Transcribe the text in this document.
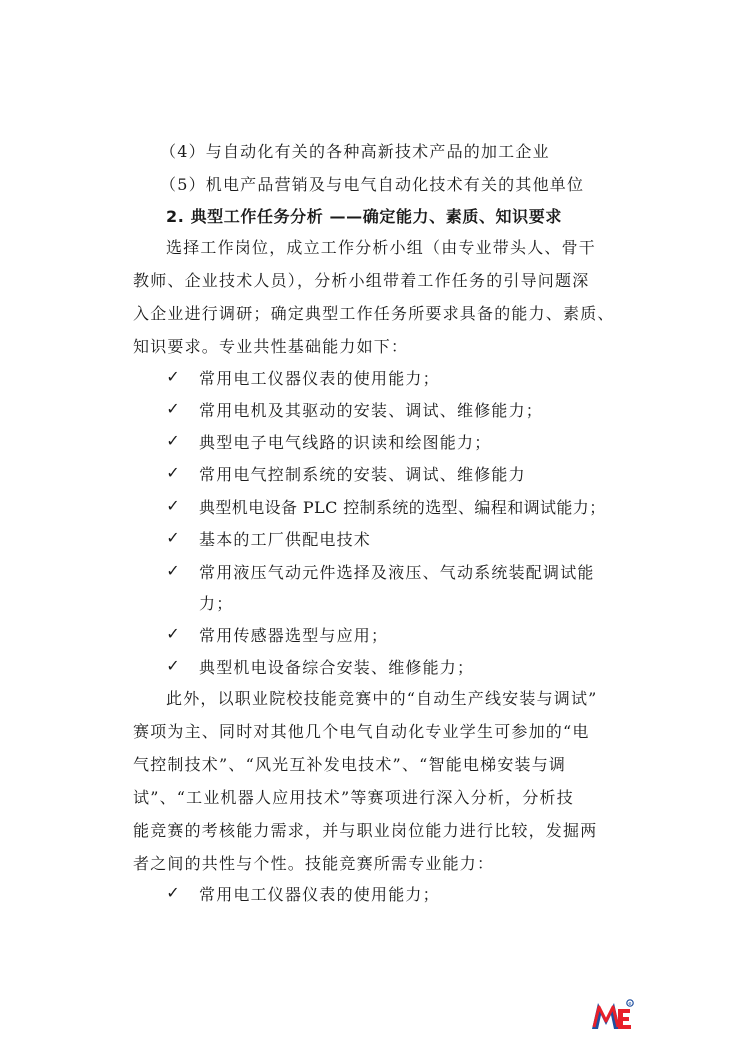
（4）与自动化有关的各种高新技术产品的加工企业
（5）机电产品营销及与电气自动化技术有关的其他单位
2. 典型工作任务分析 ——确定能力、素质、知识要求
选择工作岗位，成立工作分析小组（由专业带头人、骨干
教师、企业技术人员），分析小组带着工作任务的引导问题深
入企业进行调研；确定典型工作任务所要求具备的能力、素质、
知识要求。专业共性基础能力如下：
✓ 常用电工仪器仪表的使用能力；
✓ 常用电机及其驱动的安装、调试、维修能力；
✓ 典型电子电气线路的识读和绘图能力；
✓ 常用电气控制系统的安装、调试、维修能力
✓ 典型机电设备 PLC 控制系统的选型、编程和调试能力；
✓ 基本的工厂供配电技术
✓ 常用液压气动元件选择及液压、气动系统装配调试能
力；
✓ 常用传感器选型与应用；
✓ 典型机电设备综合安装、维修能力；
此外，以职业院校技能竞赛中的“自动生产线安装与调试”
赛项为主、同时对其他几个电气自动化专业学生可参加的“电
气控制技术”、“风光互补发电技术”、“智能电梯安装与调
试”、“工业机器人应用技术”等赛项进行深入分析，分析技
能竞赛的考核能力需求，并与职业岗位能力进行比较，发掘两
者之间的共性与个性。技能竞赛所需专业能力：
✓ 常用电工仪器仪表的使用能力；
e
